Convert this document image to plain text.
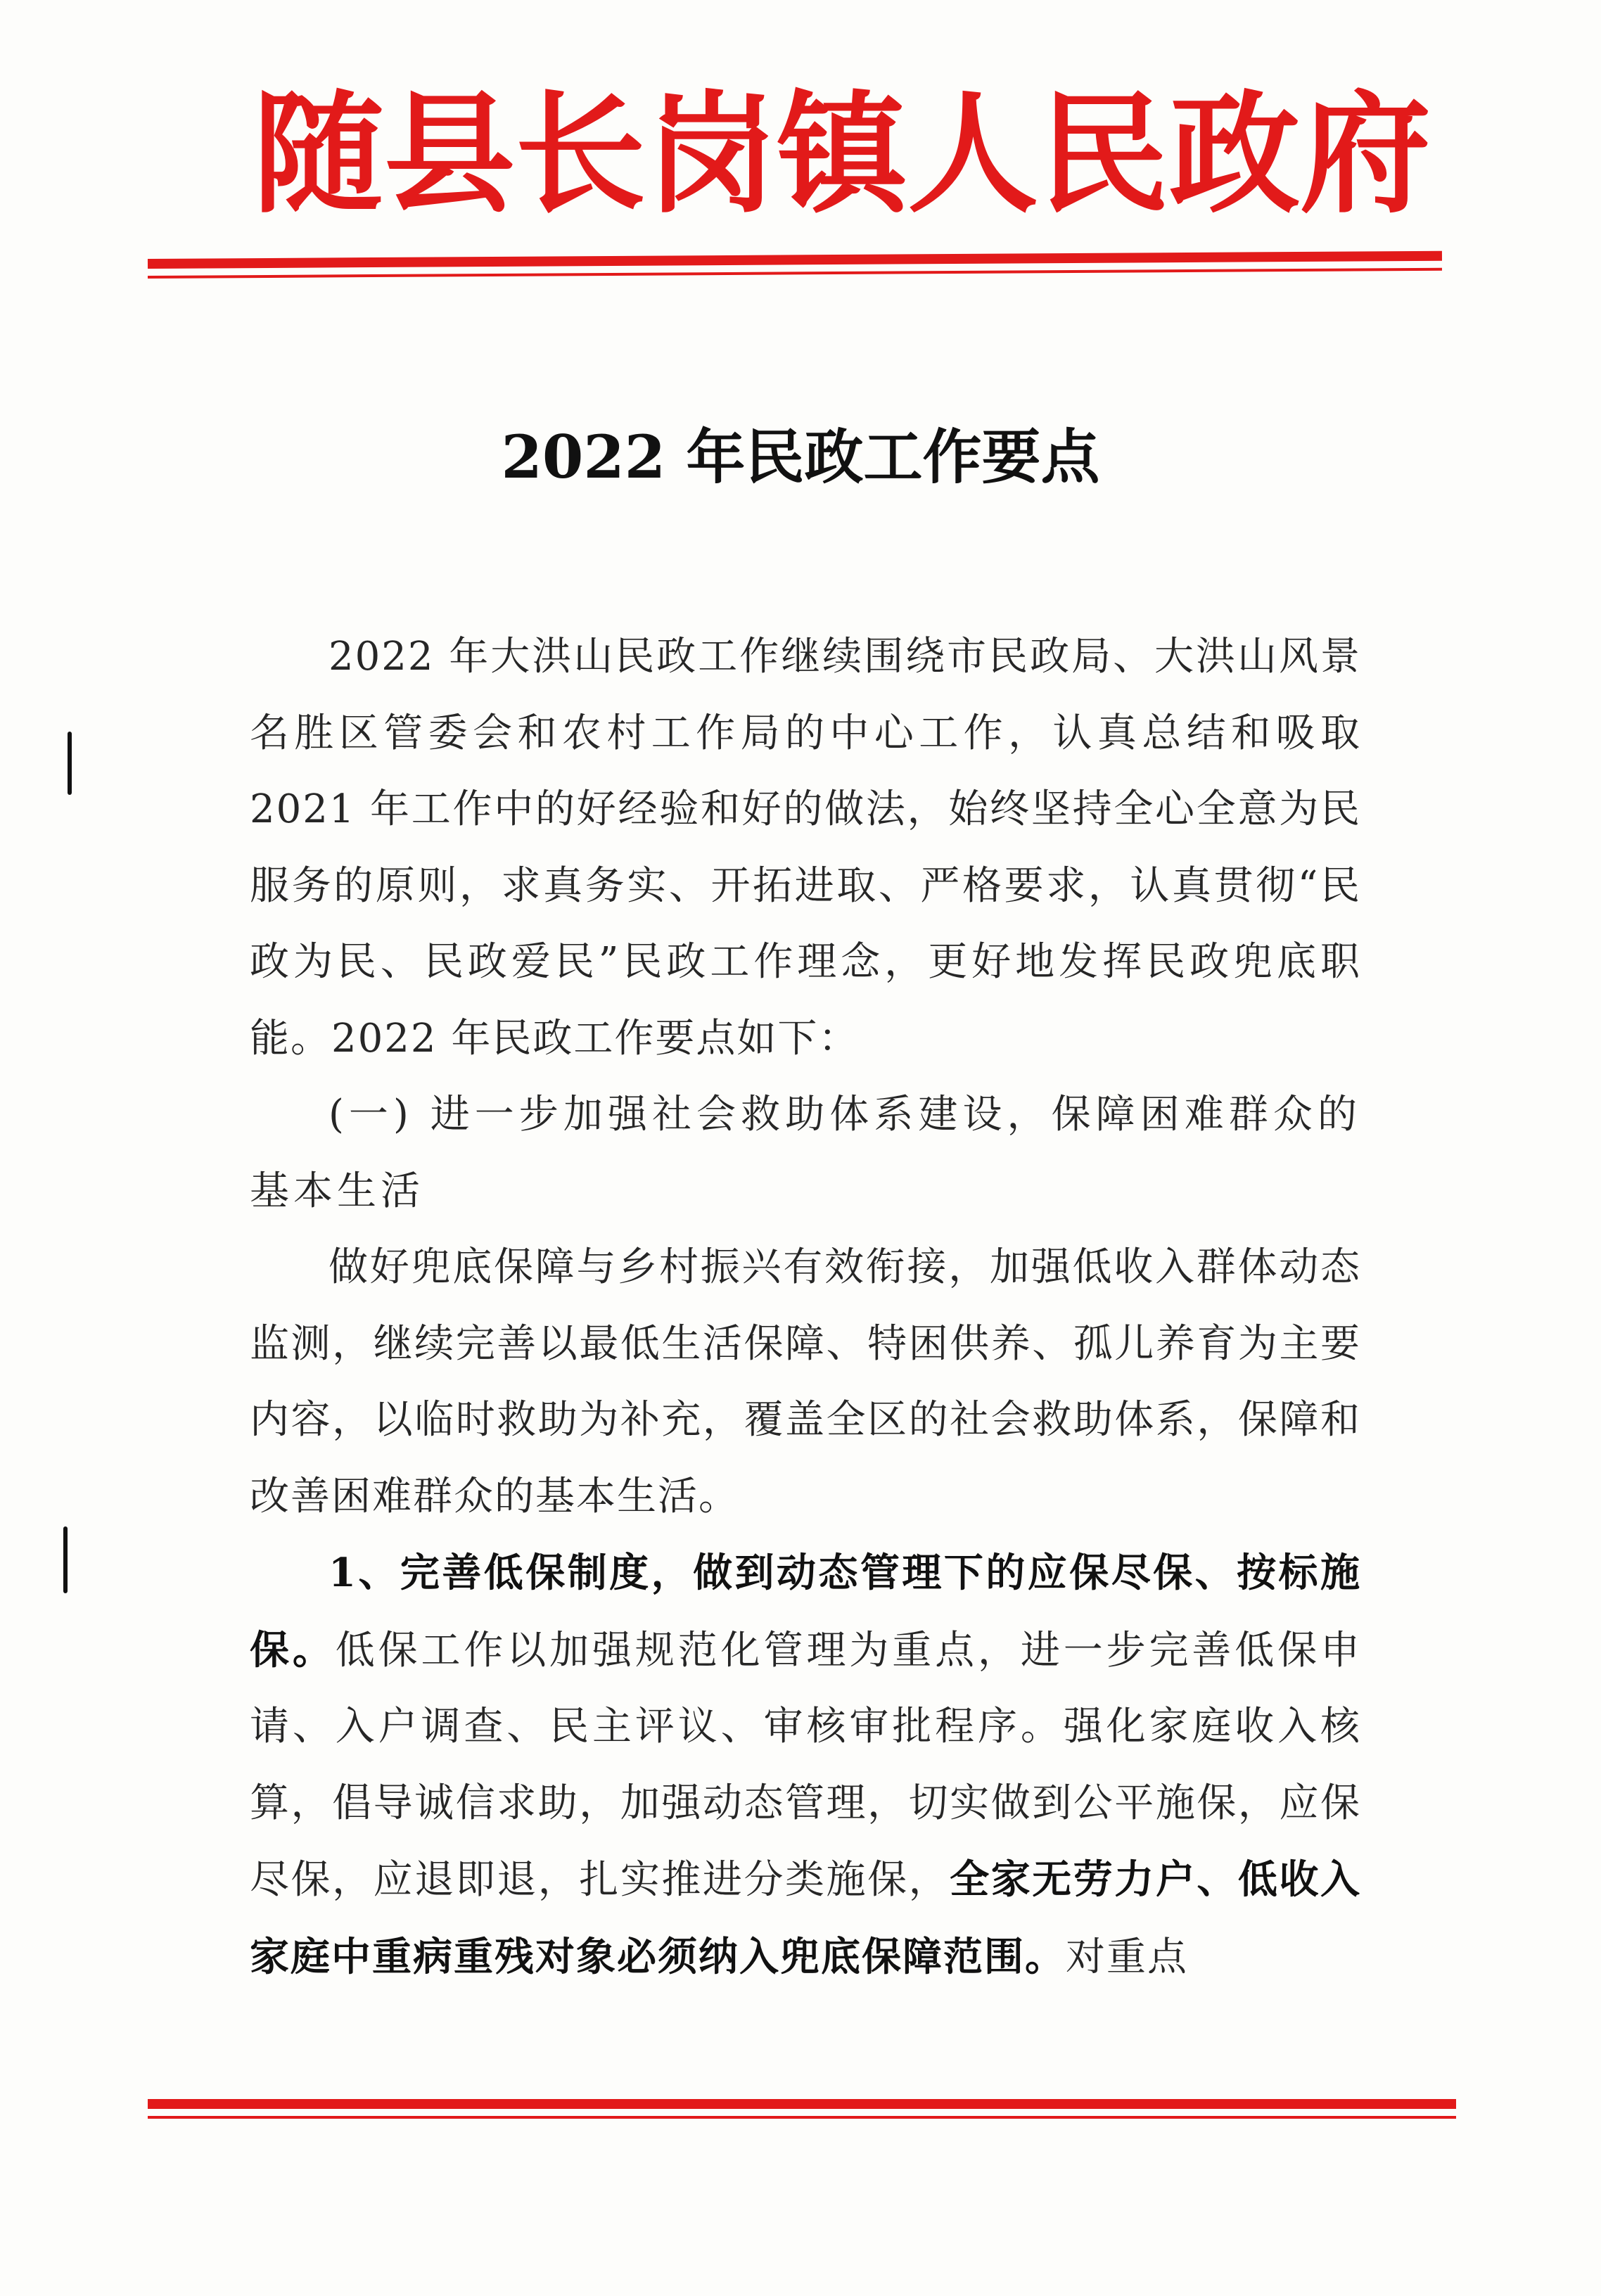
随 县 长 岗 镇 人 民 政 府
2022 年民政工作要点

2022 年大洪山民政工作继续围绕市民政局、大洪山风景名胜区管委会和农村工作局的中心工作，认真总结和吸取 2021 年工作中的好经验和好的做法，始终坚持全心全意为民服务的原则，求真务实、开拓进取、严格要求，认真贯彻“民政为民、民政爱民”民政工作理念，更好地发挥民政兜底职能。2022 年民政工作要点如下：

(一) 进一步加强社会救助体系建设，保障困难群众的基本生活

做好兜底保障与乡村振兴有效衔接，加强低收入群体动态监测，继续完善以最低生活保障、特困供养、孤儿养育为主要内容，以临时救助为补充，覆盖全区的社会救助体系，保障和改善困难群众的基本生活。

1、完善低保制度，做到动态管理下的应保尽保、按标施保。低保工作以加强规范化管理为重点，进一步完善低保申请、入户调查、民主评议、审核审批程序。强化家庭收入核算，倡导诚信求助，加强动态管理，切实做到公平施保，应保尽保，应退即退，扎实推进分类施保，全家无劳力户、低收入家庭中重病重残对象必须纳入兜底保障范围。对重点
